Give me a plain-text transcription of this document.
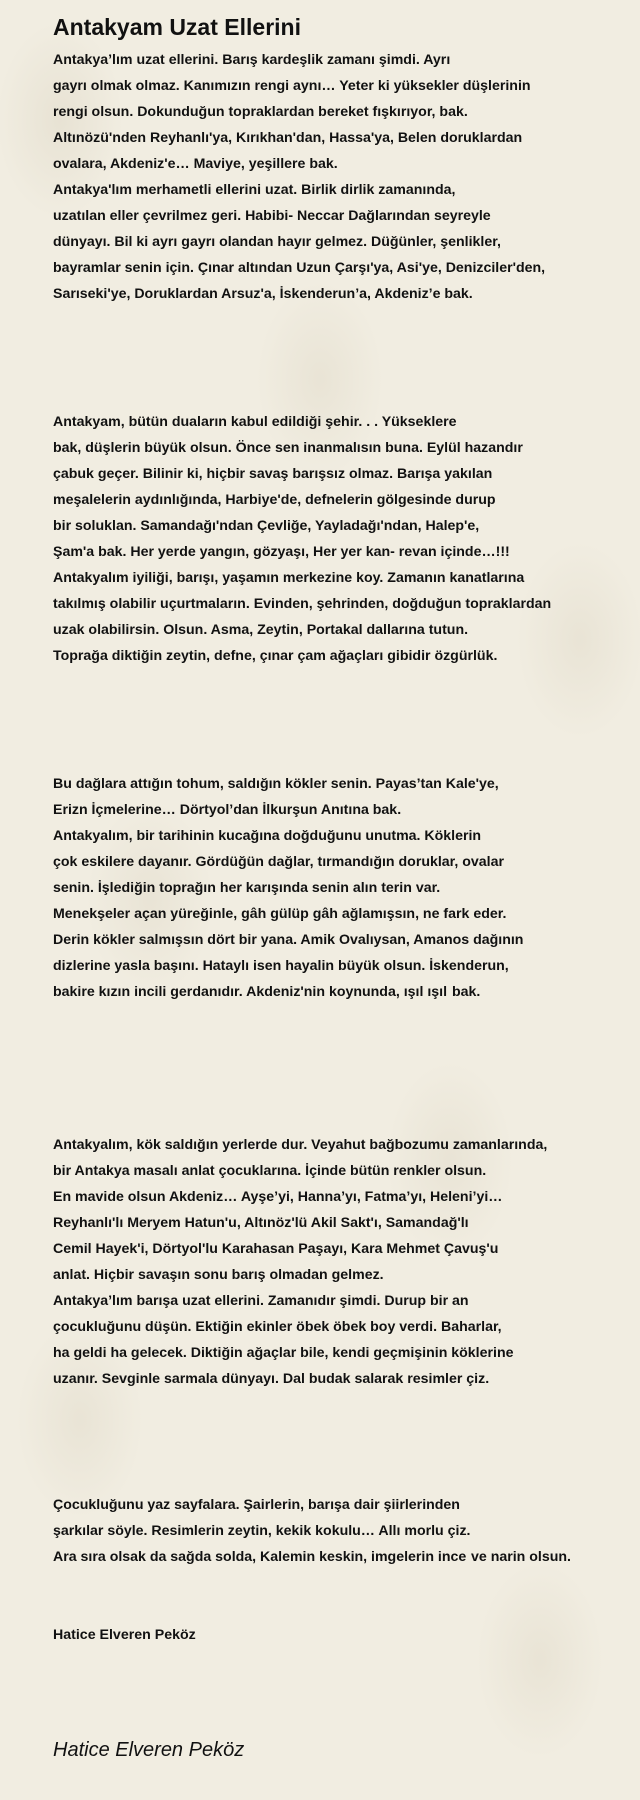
Antakyam Uzat Ellerini
Antakya’lım uzat ellerini. Barış kardeşlik zamanı şimdi. Ayrı gayrı olmak olmaz. Kanımızın rengi aynı… Yeter ki yüksekler düşlerinin rengi olsun. Dokunduğun topraklardan bereket fışkırıyor, bak. Altınözü'nden Reyhanlı'ya, Kırıkhan'dan, Hassa'ya, Belen doruklardan ovalara, Akdeniz'e… Maviye, yeşillere bak. Antakya'lım merhametli ellerini uzat. Birlik dirlik zamanında, uzatılan eller çevrilmez geri. Habibi- Neccar Dağlarından seyreyle dünyayı. Bil ki ayrı gayrı olandan hayır gelmez. Düğünler, şenlikler, bayramlar senin için. Çınar altından Uzun Çarşı'ya, Asi'ye, Denizciler'den, Sarıseki'ye, Doruklardan Arsuz'a, İskenderun’a, Akdeniz’e bak.
Antakyam, bütün duaların kabul edildiği şehir. . . Yükseklere bak, düşlerin büyük olsun. Önce sen inanmalısın buna. Eylül hazandır çabuk geçer. Bilinir ki, hiçbir savaş barışsız olmaz. Barışa yakılan meşalelerin aydınlığında, Harbiye'de, defnelerin gölgesinde durup bir soluklan. Samandağı'ndan Çevliğe, Yayladağı'ndan, Halep'e, Şam'a bak. Her yerde yangın, gözyaşı, Her yer kan- revan içinde…!!! Antakyalım iyiliği, barışı, yaşamın merkezine koy. Zamanın kanatlarına takılmış olabilir uçurtmaların. Evinden, şehrinden, doğduğun topraklardan uzak olabilirsin. Olsun. Asma, Zeytin, Portakal dallarına tutun. Toprağa diktiğin zeytin, defne, çınar çam ağaçları gibidir özgürlük.
Bu dağlara attığın tohum, saldığın kökler senin. Payas’tan Kale'ye, Erizn İçmelerine… Dörtyol’dan İlkurşun Anıtına bak. Antakyalım, bir tarihinin kucağına doğduğunu unutma. Köklerin çok eskilere dayanır. Gördüğün dağlar, tırmandığın doruklar, ovalar senin. İşlediğin toprağın her karışında senin alın terin var. Menekşeler açan yüreğinle, gâh gülüp gâh ağlamışsın, ne fark eder. Derin kökler salmışsın dört bir yana. Amik Ovalıysan, Amanos dağının dizlerine yasla başını. Hataylı isen hayalin büyük olsun. İskenderun, bakire kızın incili gerdanıdır. Akdeniz'nin koynunda, ışıl ışıl bak.
Antakyalım, kök saldığın yerlerde dur. Veyahut bağbozumu zamanlarında, bir Antakya masalı anlat çocuklarına. İçinde bütün renkler olsun. En mavide olsun Akdeniz… Ayşe’yi, Hanna’yı, Fatma’yı, Heleni’yi… Reyhanlı'lı Meryem Hatun'u, Altınöz'lü Akil Sakt'ı, Samandağ'lı Cemil Hayek'i, Dörtyol'lu Karahasan Paşayı, Kara Mehmet Çavuş'u anlat. Hiçbir savaşın sonu barış olmadan gelmez. Antakya’lım barışa uzat ellerini. Zamanıdır şimdi. Durup bir an çocukluğunu düşün. Ektiğin ekinler öbek öbek boy verdi. Baharlar, ha geldi ha gelecek. Diktiğin ağaçlar bile, kendi geçmişinin köklerine uzanır. Sevginle sarmala dünyayı. Dal budak salarak resimler çiz.
Çocukluğunu yaz sayfalara. Şairlerin, barışa dair şiirlerinden şarkılar söyle. Resimlerin zeytin, kekik kokulu… Allı morlu çiz. Ara sıra olsak da sağda solda, Kalemin keskin, imgelerin ince ve narin olsun.
Hatice Elveren Peköz
Hatice Elveren Peköz
